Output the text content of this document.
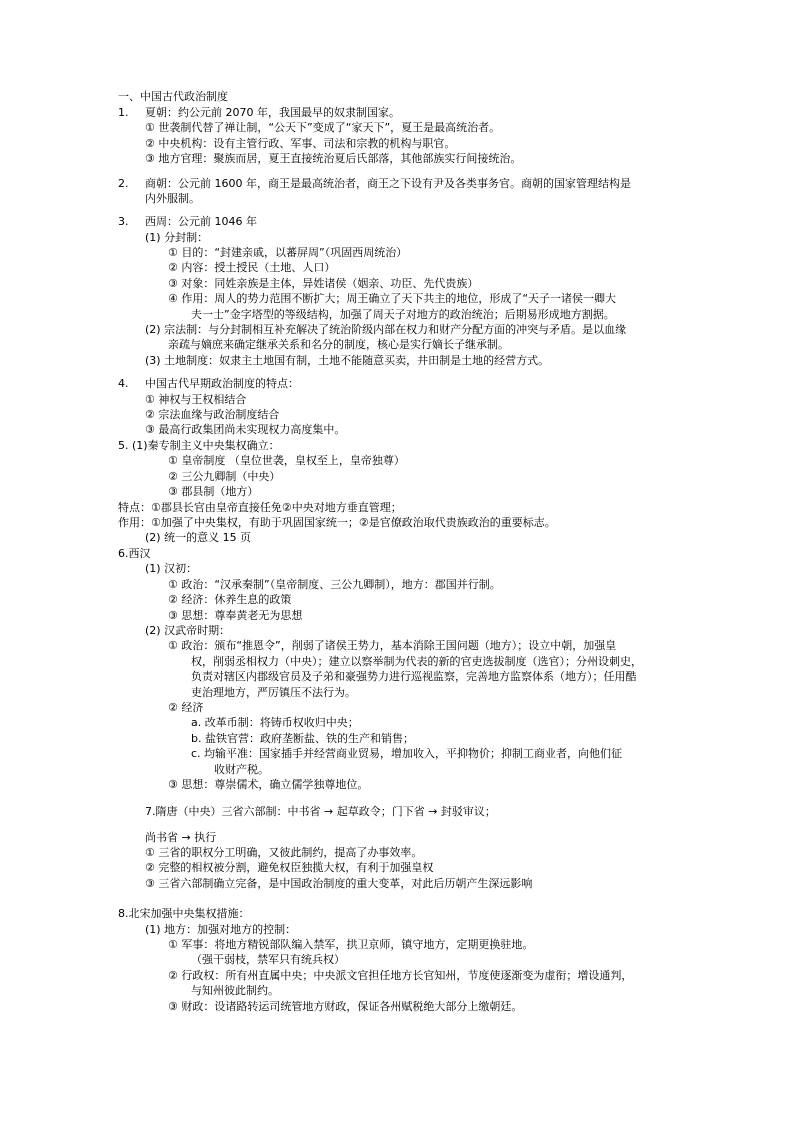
一、中国古代政治制度
1. 夏朝：约公元前 2070 年，我国最早的奴隶制国家。
① 世袭制代替了禅让制，“公天下”变成了“家天下”，夏王是最高统治者。
② 中央机构：设有主管行政、军事、司法和宗教的机构与职官。
③ 地方官理：聚族而居，夏王直接统治夏后氏部落，其他部族实行间接统治。
2. 商朝：公元前 1600 年，商王是最高统治者，商王之下设有尹及各类事务官。商朝的国家管理结构是
内外服制。
3. 西周：公元前 1046 年
(1) 分封制：
① 目的：“封建亲戚，以蕃屏周”（巩固西周统治）
② 内容：授土授民（土地、人口）
③ 对象：同姓亲族是主体，异姓诸侯（姻亲、功臣、先代贵族）
④ 作用：周人的势力范围不断扩大；周王确立了天下共主的地位，形成了“天子一诸侯一卿大
夫一士”金字塔型的等级结构，加强了周天子对地方的政治统治；后期易形成地方割据。
(2) 宗法制：与分封制相互补充解决了统治阶级内部在权力和财产分配方面的冲突与矛盾。是以血缘
亲疏与嫡庶来确定继承关系和名分的制度，核心是实行嫡长子继承制。
(3) 土地制度：奴隶主土地国有制，土地不能随意买卖，井田制是土地的经营方式。
4. 中国古代早期政治制度的特点：
① 神权与王权相结合
② 宗法血缘与政治制度结合
③ 最高行政集团尚未实现权力高度集中。
5. (1)秦专制主义中央集权确立：
① 皇帝制度 （皇位世袭，皇权至上，皇帝独尊）
② 三公九卿制（中央）
③ 郡县制（地方）
特点：①郡县长官由皇帝直接任免②中央对地方垂直管理；
作用：①加强了中央集权，有助于巩固国家统一；②是官僚政治取代贵族政治的重要标志。
(2) 统一的意义 15 页
6.西汉
(1) 汉初：
① 政治：“汉承秦制”（皇帝制度、三公九卿制），地方：郡国并行制。
② 经济：休养生息的政策
③ 思想：尊奉黄老无为思想
(2) 汉武帝时期：
① 政治：颁布“推恩令”，削弱了诸侯王势力，基本消除王国问题（地方）；设立中朝，加强皇
权，削弱丞相权力（中央）；建立以察举制为代表的新的官吏选拔制度（选官）；分州设刺史，
负责对辖区内郡级官员及子弟和豪强势力进行巡视监察，完善地方监察体系（地方）；任用酷
吏治理地方，严厉镇压不法行为。
② 经济
a. 改革币制：将铸币权收归中央；
b. 盐铁官营：政府垄断盐、铁的生产和销售；
c. 均输平准：国家插手并经营商业贸易，增加收入，平抑物价；抑制工商业者，向他们征
收财产税。
③ 思想：尊崇儒术，确立儒学独尊地位。
7.隋唐（中央）三省六部制：中书省 → 起草政令；门下省 → 封驳审议；
尚书省 → 执行
① 三省的职权分工明确，又彼此制约，提高了办事效率。
② 完整的相权被分割，避免权臣独揽大权，有利于加强皇权
③ 三省六部制确立完备，是中国政治制度的重大变革，对此后历朝产生深远影响
8.北宋加强中央集权措施：
(1) 地方：加强对地方的控制：
① 军事：将地方精锐部队编入禁军，拱卫京师，镇守地方，定期更换驻地。
（强干弱枝，禁军只有统兵权）
② 行政权：所有州直属中央；中央派文官担任地方长官知州，节度使逐渐变为虚衔；增设通判，
与知州彼此制约。
③ 财政：设诸路转运司统管地方财政，保证各州赋税绝大部分上缴朝廷。
